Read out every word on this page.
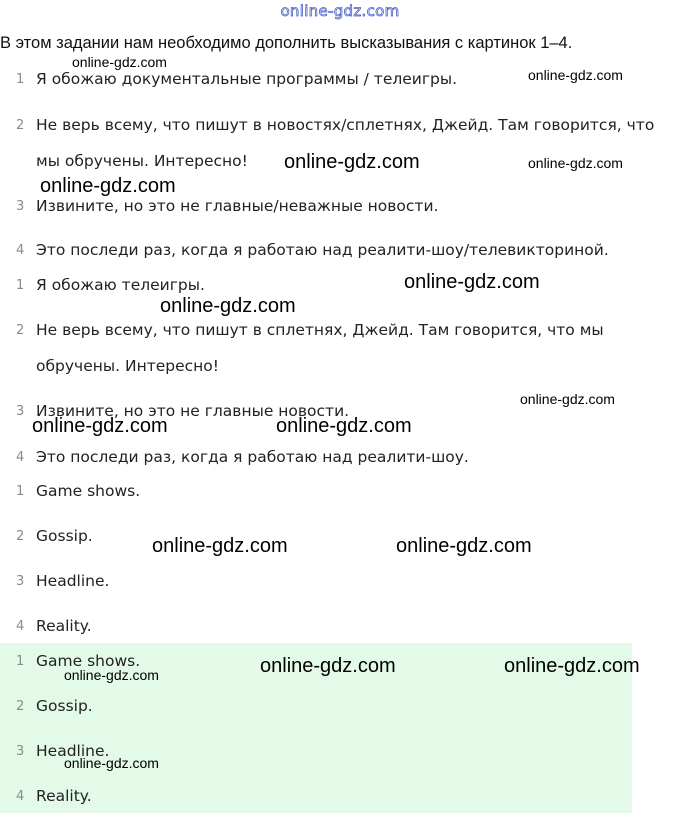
online-gdz.com
В этом задании нам необходимо дополнить высказывания с картинок 1–4.
1 Я обожаю документальные программы / телеигры.
2 Не верь всему, что пишут в новостях/сплетнях, Джейд. Там говорится, что
мы обручены. Интересно!
3 Извините, но это не главные/неважные новости.
4 Это последи раз, когда я работаю над реалити-шоу/телевикториной.
1 Я обожаю телеигры.
2 Не верь всему, что пишут в сплетнях, Джейд. Там говорится, что мы
обручены. Интересно!
3 Извините, но это не главные новости.
4 Это последи раз, когда я работаю над реалити-шоу.
1 Game shows.
2 Gossip.
3 Headline.
4 Reality.
1 Game shows.
2 Gossip.
3 Headline.
4 Reality.
online-gdz.com
online-gdz.com
online-gdz.com	online-gdz.com
online-gdz.com
online-gdz.com
online-gdz.com
online-gdz.com
online-gdz.com	online-gdz.com
online-gdz.com	online-gdz.com
online-gdz.com	online-gdz.com
online-gdz.com
online-gdz.com
